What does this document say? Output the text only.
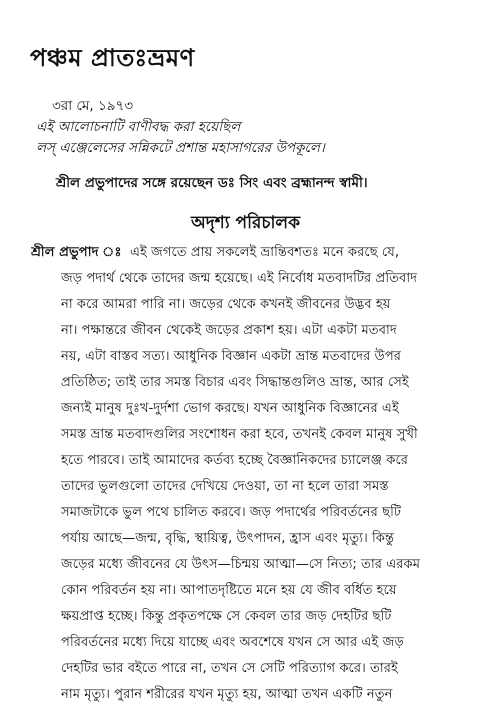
পঞ্চম প্রাতঃভ্রমণ
৩রা মে, ১৯৭৩
এই আলোচনাটি বাণীবদ্ধ করা হয়েছিল
লস্ এঞ্জেলেসের সন্নিকটে প্রশান্ত মহাসাগরের উপকূলে।
শ্রীল প্রভুপাদের সঙ্গে রয়েছেন ডঃ সিং এবং ব্রহ্মানন্দ স্বামী।
অদৃশ্য পরিচালক
শ্রীল প্রভুপাদ ঃ এই জগতে প্রায় সকলেই ভ্রান্তিবশতঃ মনে করছে যে,
জড় পদার্থ থেকে তাদের জন্ম হয়েছে। এই নির্বোধ মতবাদটির প্রতিবাদ
না করে আমরা পারি না। জড়ের থেকে কখনই জীবনের উদ্ভব হয়
না। পক্ষান্তরে জীবন থেকেই জড়ের প্রকাশ হয়। এটা একটা মতবাদ
নয়, এটা বাস্তব সত্য। আধুনিক বিজ্ঞান একটা ভ্রান্ত মতবাদের উপর
প্রতিষ্ঠিত; তাই তার সমস্ত বিচার এবং সিদ্ধান্তগুলিও ভ্রান্ত, আর সেই
জন্যই মানুষ দুঃখ-দুর্দশা ভোগ করছে। যখন আধুনিক বিজ্ঞানের এই
সমস্ত ভ্রান্ত মতবাদগুলির সংশোধন করা হবে, তখনই কেবল মানুষ সুখী
হতে পারবে। তাই আমাদের কর্তব্য হচ্ছে বৈজ্ঞানিকদের চ্যালেঞ্জ করে
তাদের ভুলগুলো তাদের দেখিয়ে দেওয়া, তা না হলে তারা সমস্ত
সমাজটাকে ভুল পথে চালিত করবে। জড় পদার্থের পরিবর্তনের ছটি
পর্যায় আছে—জন্ম, বৃদ্ধি, স্থায়িত্ব, উৎপাদন, হ্রাস এবং মৃত্যু। কিন্তু
জড়ের মধ্যে জীবনের যে উৎস—চিন্ময় আত্মা—সে নিত্য; তার এরকম
কোন পরিবর্তন হয় না। আপাতদৃষ্টিতে মনে হয় যে জীব বর্ধিত হয়ে
ক্ষয়প্রাপ্ত হচ্ছে। কিন্তু প্রকৃতপক্ষে সে কেবল তার জড় দেহটির ছটি
পরিবর্তনের মধ্যে দিয়ে যাচ্ছে এবং অবশেষে যখন সে আর এই জড়
দেহটির ভার বইতে পারে না, তখন সে সেটি পরিত্যাগ করে। তারই
নাম মৃত্যু। পুরান শরীরের যখন মৃত্যু হয়, আত্মা তখন একটি নতুন
